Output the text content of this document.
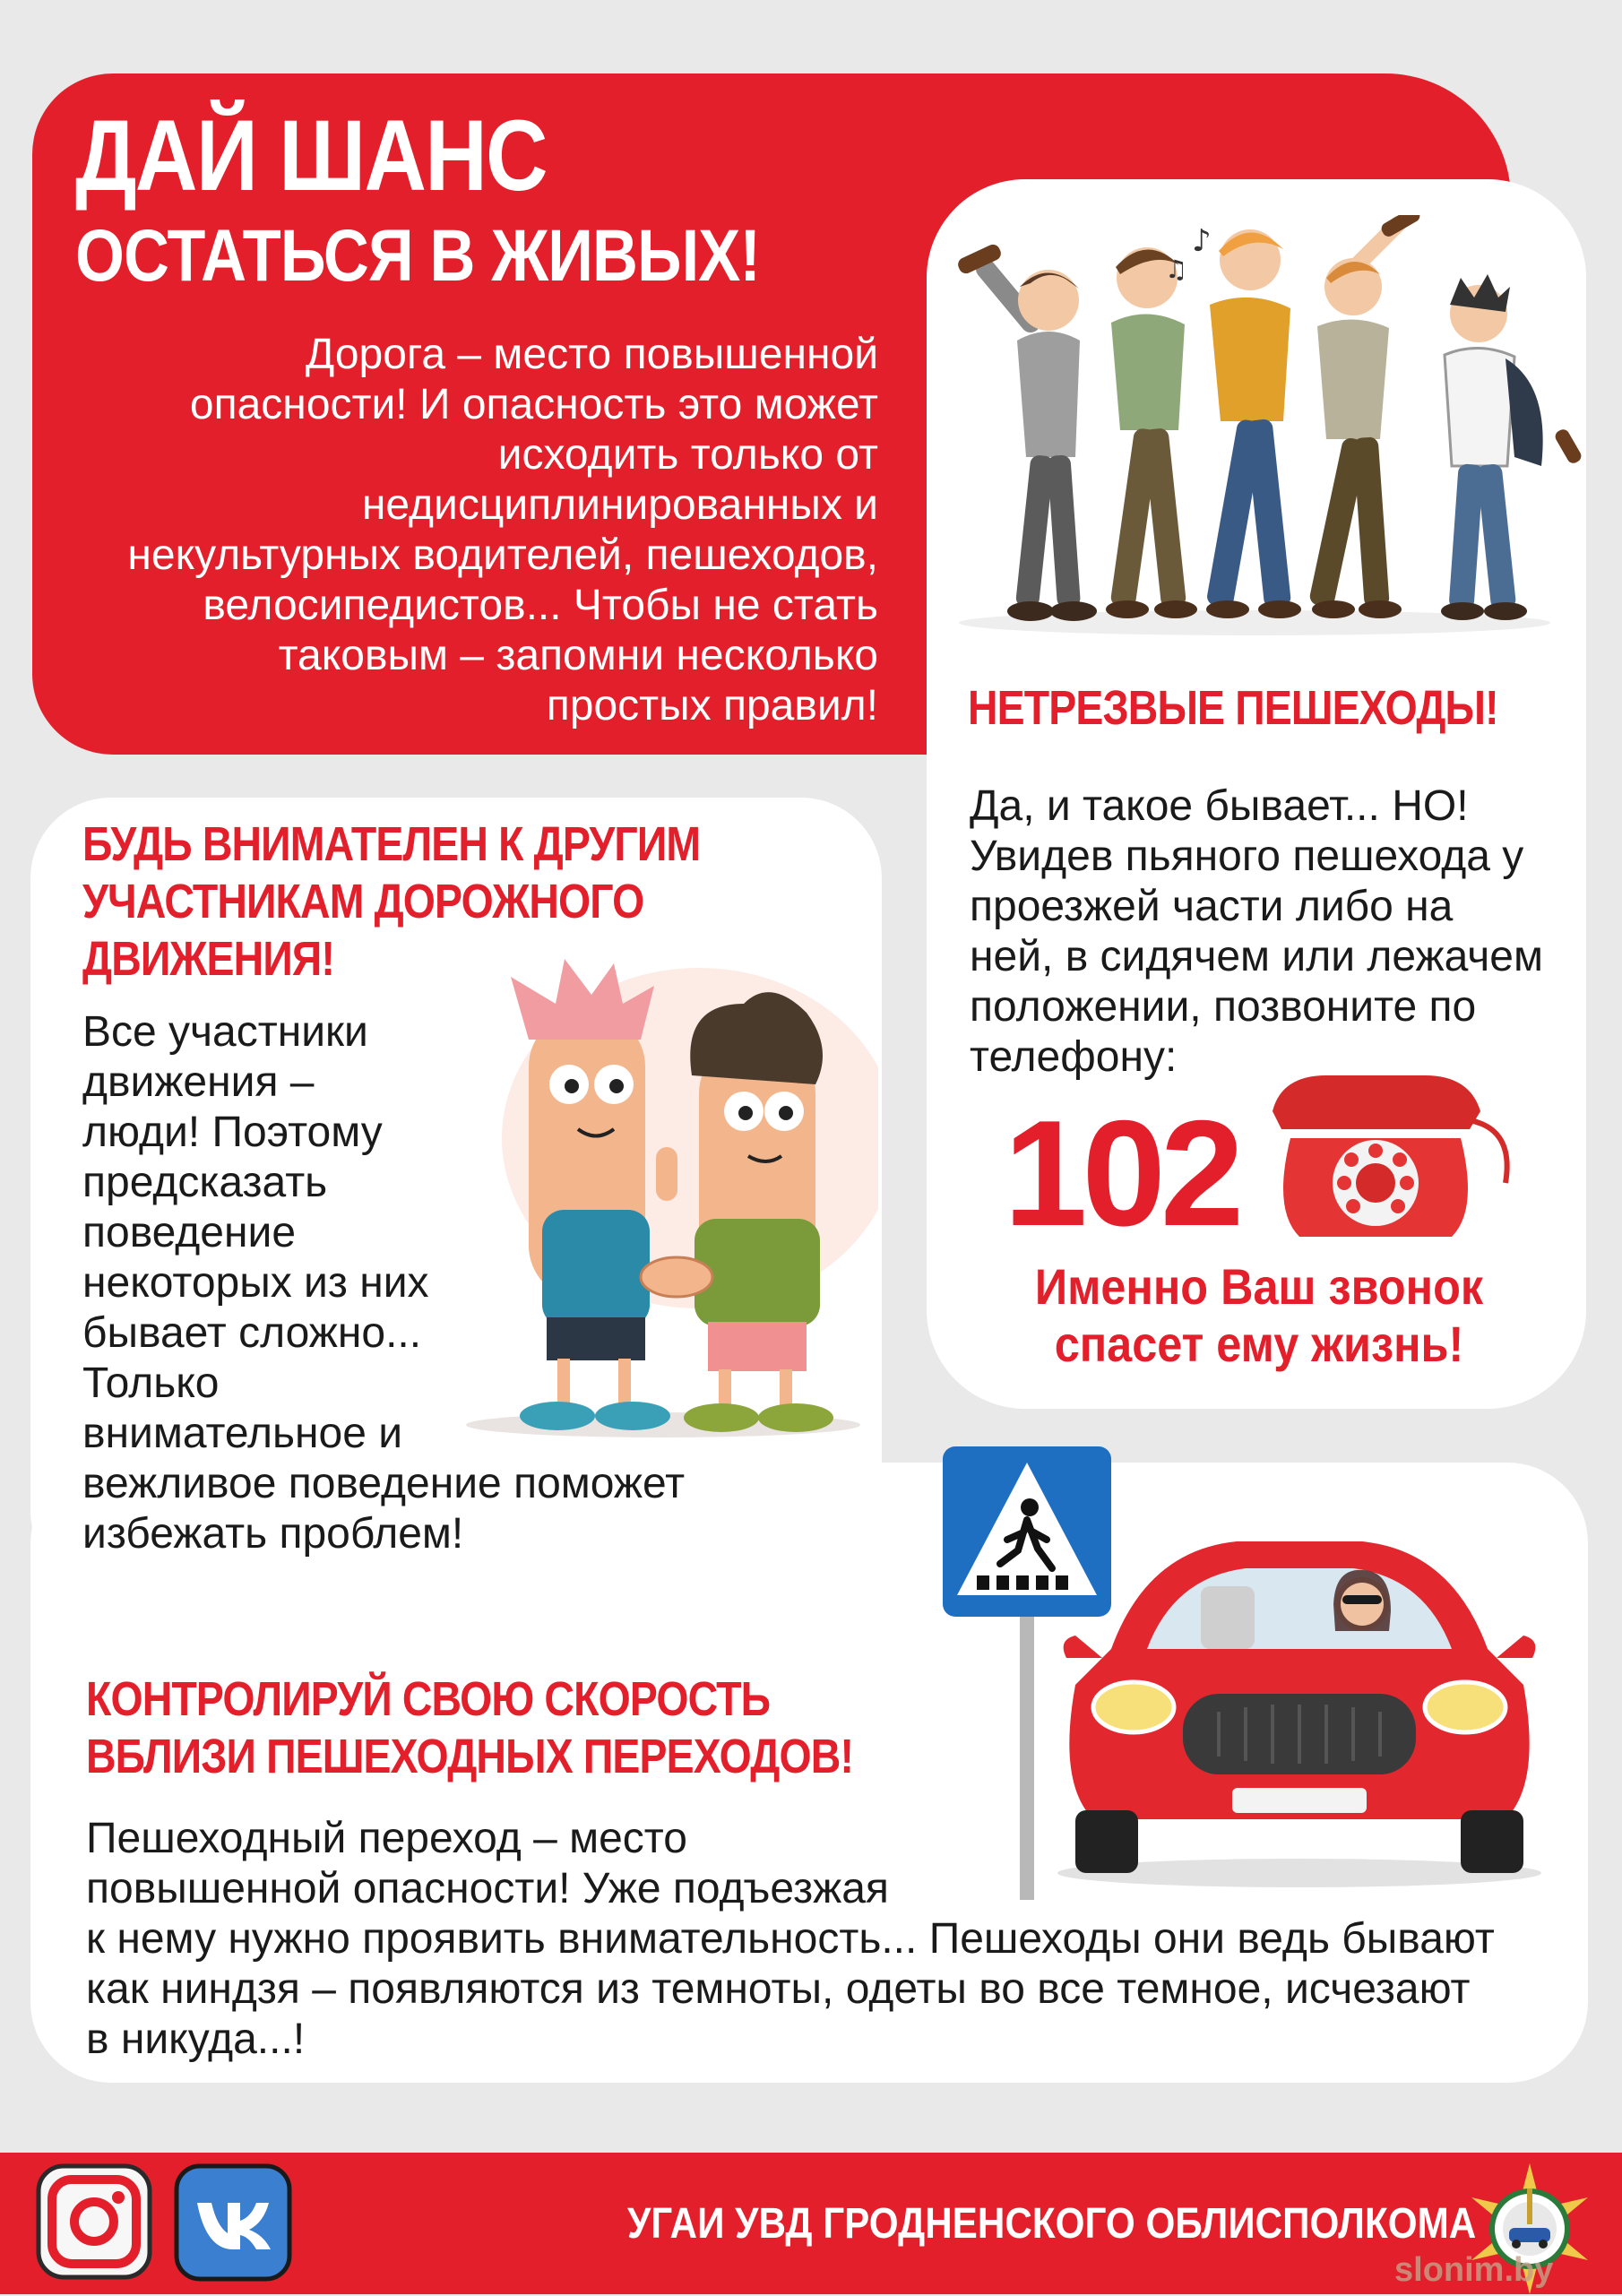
ДАЙ ШАНС
ОСТАТЬСЯ В ЖИВЫХ!
Дорога – место повышенной
опасности! И опасность это может
исходить только от
недисциплинированных и
некультурных водителей, пешеходов,
велосипедистов... Чтобы не стать
таковым – запомни несколько
простых правил!
♪
♫
НЕТРЕЗВЫЕ ПЕШЕХОДЫ!
Да, и такое бывает... НО!
Увидев пьяного пешехода у
проезжей части либо на
ней, в сидячем или лежачем
положении, позвоните по
телефону:
102
Именно Ваш звонок
спасет ему жизнь!
БУДЬ ВНИМАТЕЛЕН К ДРУГИМ
УЧАСТНИКАМ ДОРОЖНОГО
ДВИЖЕНИЯ!
Все участники
движения –
люди! Поэтому
предсказать
поведение
некоторых из них
бывает сложно...
Только
внимательное и
вежливое поведение поможет
избежать проблем!
КОНТРОЛИРУЙ СВОЮ СКОРОСТЬ
ВБЛИЗИ ПЕШЕХОДНЫХ ПЕРЕХОДОВ!
Пешеходный переход – место
повышенной опасности! Уже подъезжая
к нему нужно проявить внимательность... Пешеходы они ведь бывают
как ниндзя – появляются из темноты, одеты во все темное, исчезают
в никуда...!
УГАИ УВД ГРОДНЕНСКОГО ОБЛИСПОЛКОМА
slonim.by
